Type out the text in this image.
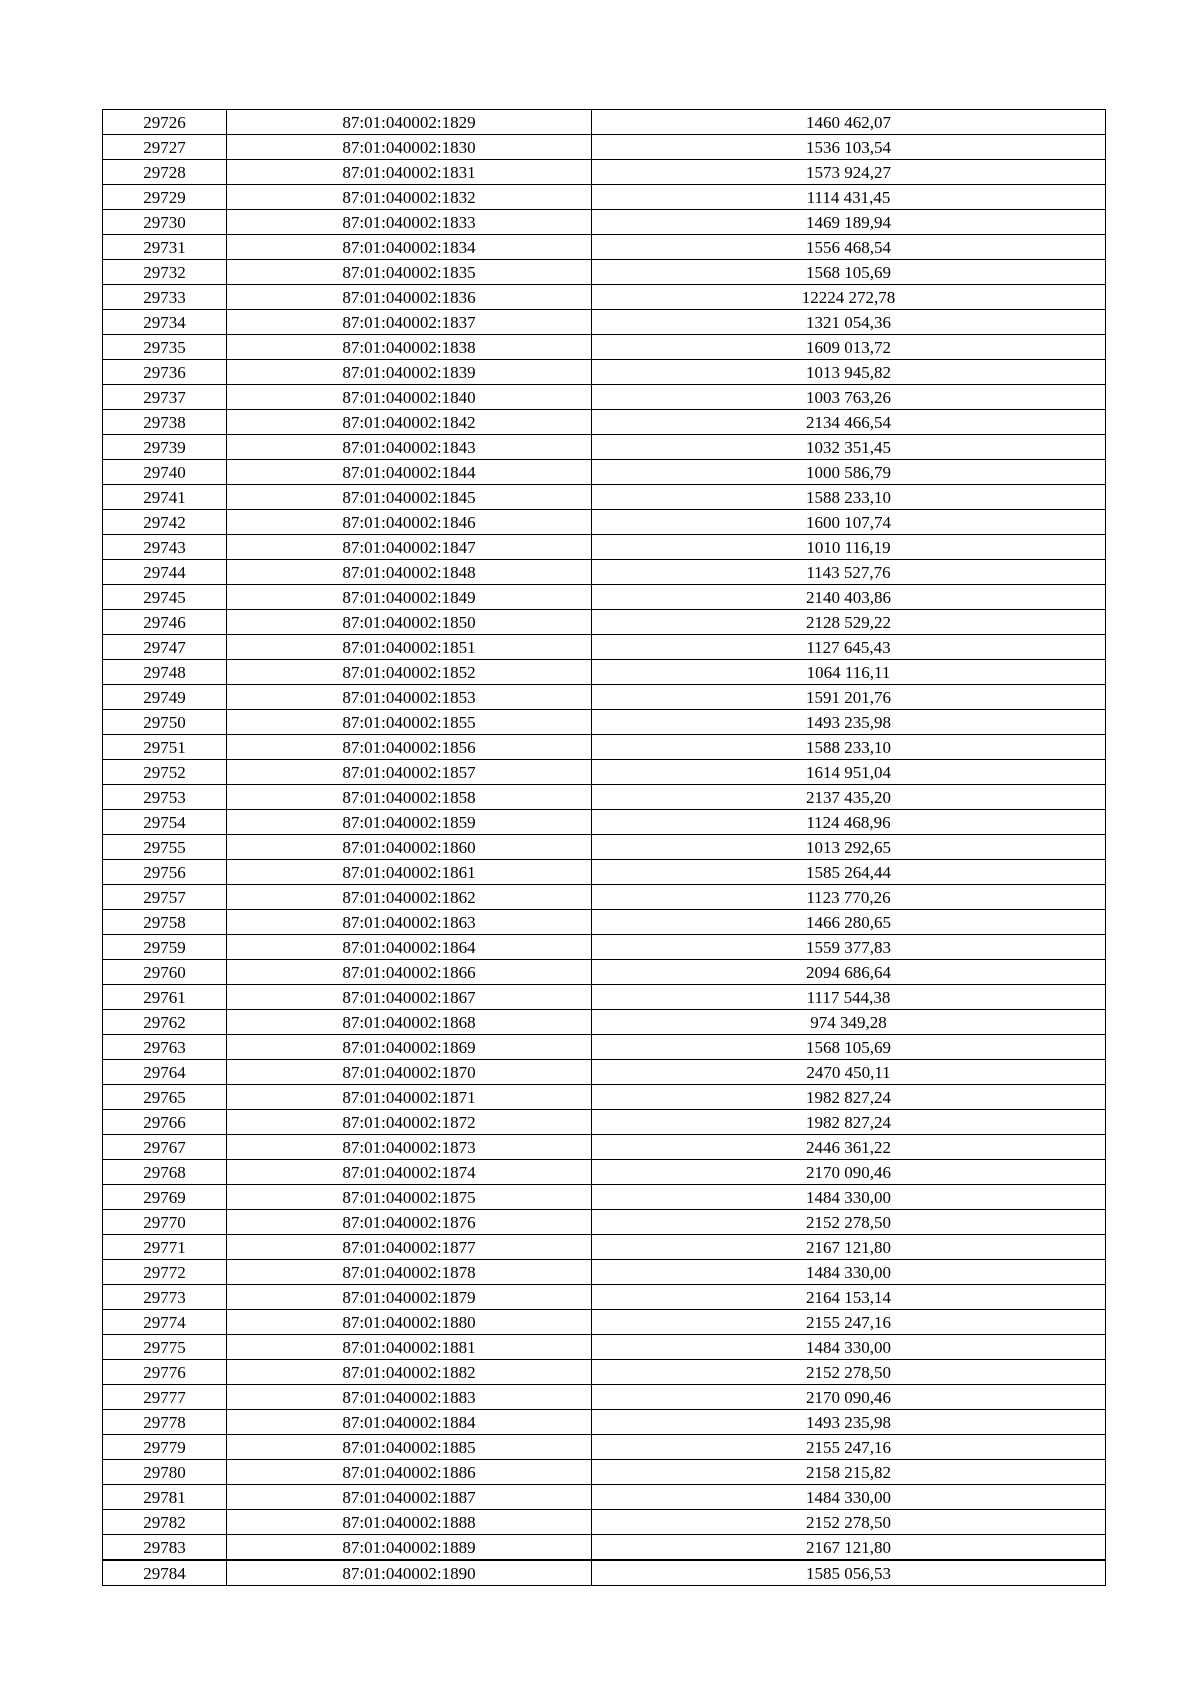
29726	87:01:040002:1829	1460 462,07
29727	87:01:040002:1830	1536 103,54
29728	87:01:040002:1831	1573 924,27
29729	87:01:040002:1832	1114 431,45
29730	87:01:040002:1833	1469 189,94
29731	87:01:040002:1834	1556 468,54
29732	87:01:040002:1835	1568 105,69
29733	87:01:040002:1836	12224 272,78
29734	87:01:040002:1837	1321 054,36
29735	87:01:040002:1838	1609 013,72
29736	87:01:040002:1839	1013 945,82
29737	87:01:040002:1840	1003 763,26
29738	87:01:040002:1842	2134 466,54
29739	87:01:040002:1843	1032 351,45
29740	87:01:040002:1844	1000 586,79
29741	87:01:040002:1845	1588 233,10
29742	87:01:040002:1846	1600 107,74
29743	87:01:040002:1847	1010 116,19
29744	87:01:040002:1848	1143 527,76
29745	87:01:040002:1849	2140 403,86
29746	87:01:040002:1850	2128 529,22
29747	87:01:040002:1851	1127 645,43
29748	87:01:040002:1852	1064 116,11
29749	87:01:040002:1853	1591 201,76
29750	87:01:040002:1855	1493 235,98
29751	87:01:040002:1856	1588 233,10
29752	87:01:040002:1857	1614 951,04
29753	87:01:040002:1858	2137 435,20
29754	87:01:040002:1859	1124 468,96
29755	87:01:040002:1860	1013 292,65
29756	87:01:040002:1861	1585 264,44
29757	87:01:040002:1862	1123 770,26
29758	87:01:040002:1863	1466 280,65
29759	87:01:040002:1864	1559 377,83
29760	87:01:040002:1866	2094 686,64
29761	87:01:040002:1867	1117 544,38
29762	87:01:040002:1868	974 349,28
29763	87:01:040002:1869	1568 105,69
29764	87:01:040002:1870	2470 450,11
29765	87:01:040002:1871	1982 827,24
29766	87:01:040002:1872	1982 827,24
29767	87:01:040002:1873	2446 361,22
29768	87:01:040002:1874	2170 090,46
29769	87:01:040002:1875	1484 330,00
29770	87:01:040002:1876	2152 278,50
29771	87:01:040002:1877	2167 121,80
29772	87:01:040002:1878	1484 330,00
29773	87:01:040002:1879	2164 153,14
29774	87:01:040002:1880	2155 247,16
29775	87:01:040002:1881	1484 330,00
29776	87:01:040002:1882	2152 278,50
29777	87:01:040002:1883	2170 090,46
29778	87:01:040002:1884	1493 235,98
29779	87:01:040002:1885	2155 247,16
29780	87:01:040002:1886	2158 215,82
29781	87:01:040002:1887	1484 330,00
29782	87:01:040002:1888	2152 278,50
29783	87:01:040002:1889	2167 121,80
29784	87:01:040002:1890	1585 056,53
